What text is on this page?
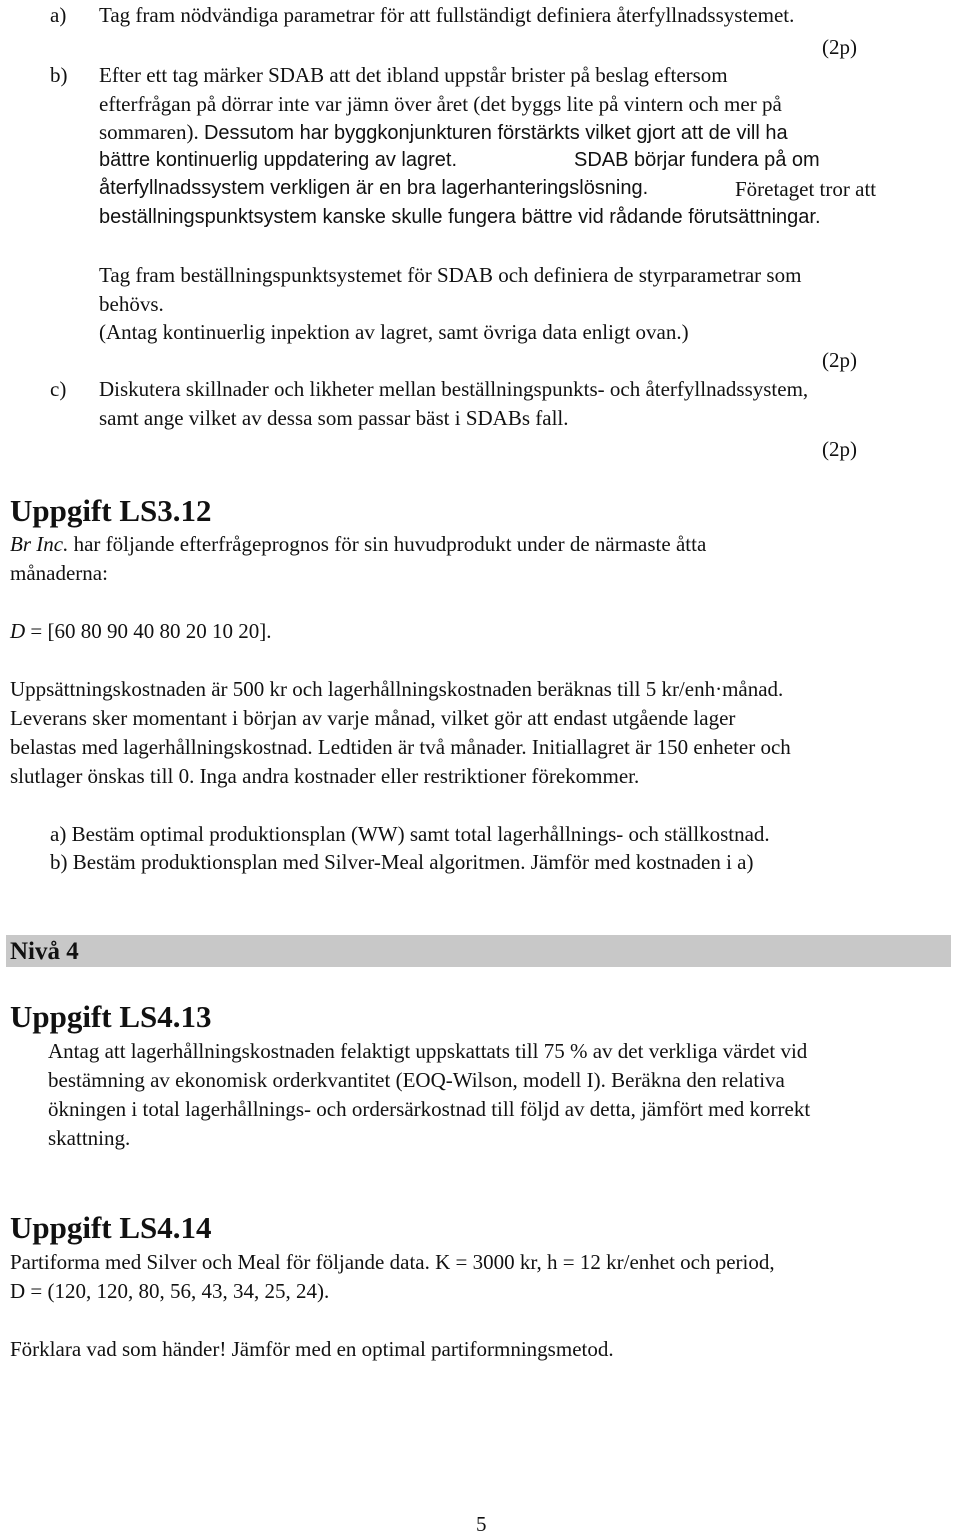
a) Tag fram nödvändiga parametrar för att fullständigt definiera återfyllnadssystemet.
(2p)
b) Efter ett tag märker SDAB att det ibland uppstår brister på beslag eftersom
efterfrågan på dörrar inte var jämn över året (det byggs lite på vintern och mer på
sommaren). Dessutom har byggkonjunkturen förstärkts vilket gjort att de vill ha
bättre kontinuerlig uppdatering av lagret.	SDAB börjar fundera på om
återfyllnadssystem verkligen är en bra lagerhanteringslösning.	Företaget tror att
beställningspunktsystem kanske skulle fungera bättre vid rådande förutsättningar.
Tag fram beställningspunktsystemet för SDAB och definiera de styrparametrar som
behövs.
(Antag kontinuerlig inpektion av lagret, samt övriga data enligt ovan.)
(2p)
c) Diskutera skillnader och likheter mellan beställningspunkts- och återfyllnadssystem,
samt ange vilket av dessa som passar bäst i SDABs fall.
(2p)
Uppgift LS3.12
Br Inc. har följande efterfrågeprognos för sin huvudprodukt under de närmaste åtta
månaderna:
D = [60 80 90 40 80 20 10 20].
Uppsättningskostnaden är 500 kr och lagerhållningskostnaden beräknas till 5 kr/enh·månad.
Leverans sker momentant i början av varje månad, vilket gör att endast utgående lager
belastas med lagerhållningskostnad. Ledtiden är två månader. Initiallagret är 150 enheter och
slutlager önskas till 0. Inga andra kostnader eller restriktioner förekommer.
a) Bestäm optimal produktionsplan (WW) samt total lagerhållnings- och ställkostnad.
b) Bestäm produktionsplan med Silver-Meal algoritmen. Jämför med kostnaden i a)
Nivå 4
Uppgift LS4.13
Antag att lagerhållningskostnaden felaktigt uppskattats till 75 % av det verkliga värdet vid
bestämning av ekonomisk orderkvantitet (EOQ-Wilson, modell I). Beräkna den relativa
ökningen i total lagerhållnings- och ordersärkostnad till följd av detta, jämfört med korrekt
skattning.
Uppgift LS4.14
Partiforma med Silver och Meal för följande data. K = 3000 kr, h = 12 kr/enhet och period,
D = (120, 120, 80, 56, 43, 34, 25, 24).
Förklara vad som händer! Jämför med en optimal partiformningsmetod.
5
